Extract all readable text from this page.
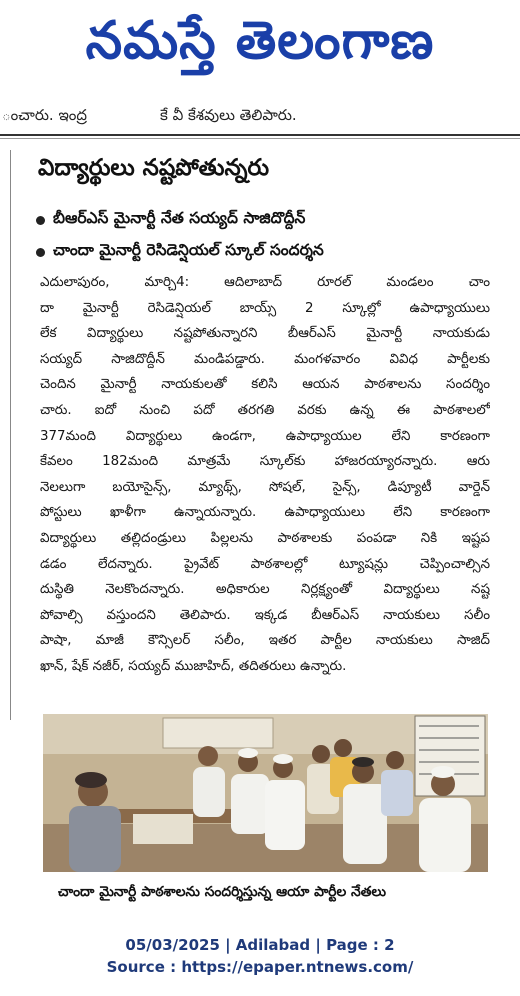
నమస్తే తెలంగాణ
ంచారు. ఇంద్ర	కే వీ కేశవులు తెలిపారు.
విద్యార్థులు నష్టపోతున్నరు
బీఆర్ఎస్ మైనార్టీ నేత సయ్యద్ సాజిదొద్దీన్
చాందా మైనార్టీ రెసిడెన్షియల్ స్కూల్ సందర్శన
ఎదులాపురం, మార్చి4: ఆదిలాబాద్ రూరల్ మండలం చాం
దా మైనార్టీ రెసిడెన్షియల్ బాయ్స్ 2 స్కూల్లో ఉపాధ్యాయులు
లేక విద్యార్థులు నష్టపోతున్నారని బీఆర్ఎస్ మైనార్టీ నాయకుడు
సయ్యద్ సాజిదొద్దీన్ మండిపడ్డారు. మంగళవారం వివిధ పార్టీలకు
చెందిన మైనార్టీ నాయకులతో కలిసి ఆయన పాఠశాలను సందర్శిం
చారు. ఐదో నుంచి పదో తరగతి వరకు ఉన్న ఈ పాఠశాలలో
377మంది విద్యార్థులు ఉండగా, ఉపాధ్యాయుల లేని కారణంగా
కేవలం 182మంది మాత్రమే స్కూల్‌కు హాజరయ్యారన్నారు. ఆరు
నెలలుగా బయోసైన్స్, మ్యాథ్స్, సోషల్, సైన్స్, డిప్యూటీ వార్డెన్
పోస్టులు ఖాళీగా ఉన్నాయన్నారు. ఉపాధ్యాయులు లేని కారణంగా
విద్యార్థులు తల్లిదండ్రులు పిల్లలను పాఠశాలకు పంపడా నికి ఇష్టప
డడం లేదన్నారు. ప్రైవేట్ పాఠశాలల్లో ట్యూషన్లు చెప్పించాల్సిన
దుస్థితి నెలకొందన్నారు. అధికారుల నిర్లక్ష్యంతో విద్యార్థులు నష్ట
పోవాల్సి వస్తుందని తెలిపారు. ఇక్కడ బీఆర్ఎస్ నాయకులు సలీం
పాషా, మాజీ కౌన్సిలర్ సలీం, ఇతర పార్టీల నాయకులు సాజిద్
ఖాన్, షేక్ నజీర్, సయ్యద్ ముజాహిద్, తదితరులు ఉన్నారు.
చాందా మైనార్టీ పాఠశాలను సందర్శిస్తున్న ఆయా పార్టీల నేతలు
05/03/2025 | Adilabad | Page : 2
Source : https://epaper.ntnews.com/
